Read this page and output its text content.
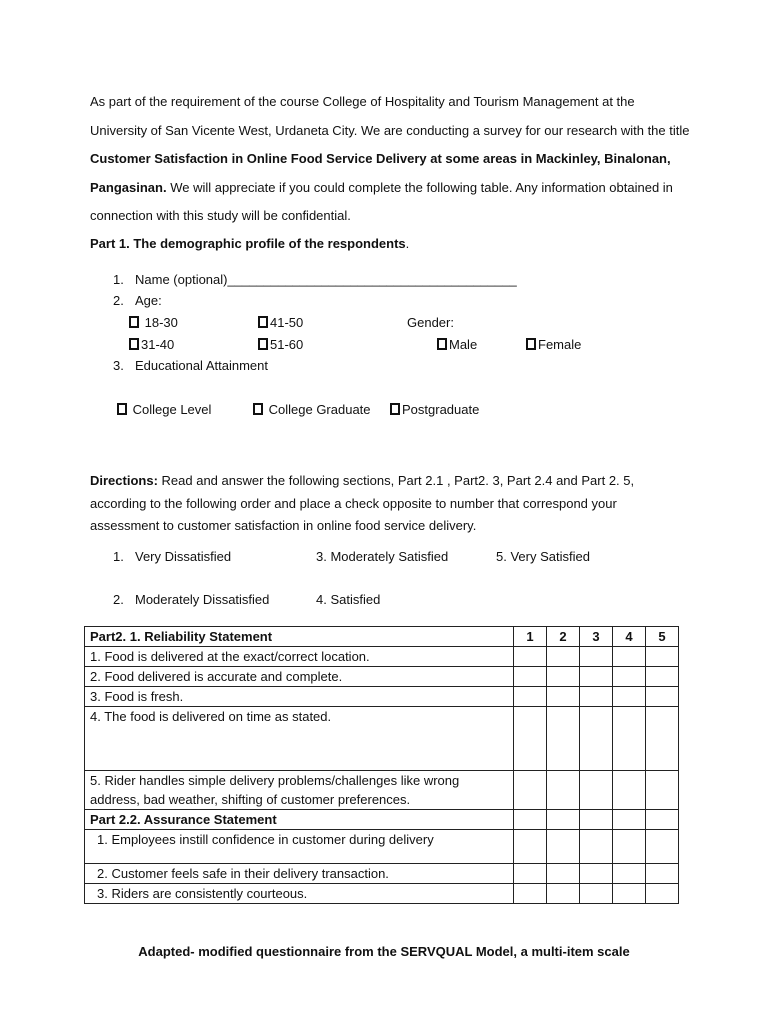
As part of the requirement of the course College of Hospitality and Tourism Management at the University of San Vicente West, Urdaneta City. We are conducting a survey for our research with the title Customer Satisfaction in Online Food Service Delivery at some areas in Mackinley, Binalonan, Pangasinan. We will appreciate if you could complete the following table. Any information obtained in connection with this study will be confidential.

Part 1. The demographic profile of the respondents.
1. Name (optional)________________________________________
2. Age:
18-30	41-50	Gender:
31-40	51-60	Male	Female
3. Educational Attainment
College Level	College Graduate	Postgraduate

Directions: Read and answer the following sections, Part 2.1 , Part2. 3, Part 2.4 and Part 2. 5, according to the following order and place a check opposite to number that correspond your assessment to customer satisfaction in online food service delivery.

1. Very Dissatisfied	3. Moderately Satisfied	5. Very Satisfied
2. Moderately Dissatisfied	4. Satisfied
Part2. 1. Reliability Statement	1	2	3	4	5
1. Food is delivered at the exact/correct location.					
2. Food delivered is accurate and complete.					
3. Food is fresh.					
4. The food is delivered on time as stated.					
5. Rider handles simple delivery problems/challenges like wrong address, bad weather, shifting of customer preferences.					
Part 2.2. Assurance Statement					
1. Employees instill confidence in customer during delivery					
2. Customer feels safe in their delivery transaction.					
3. Riders are consistently courteous.					
Adapted- modified questionnaire from the SERVQUAL Model, a multi-item scale
